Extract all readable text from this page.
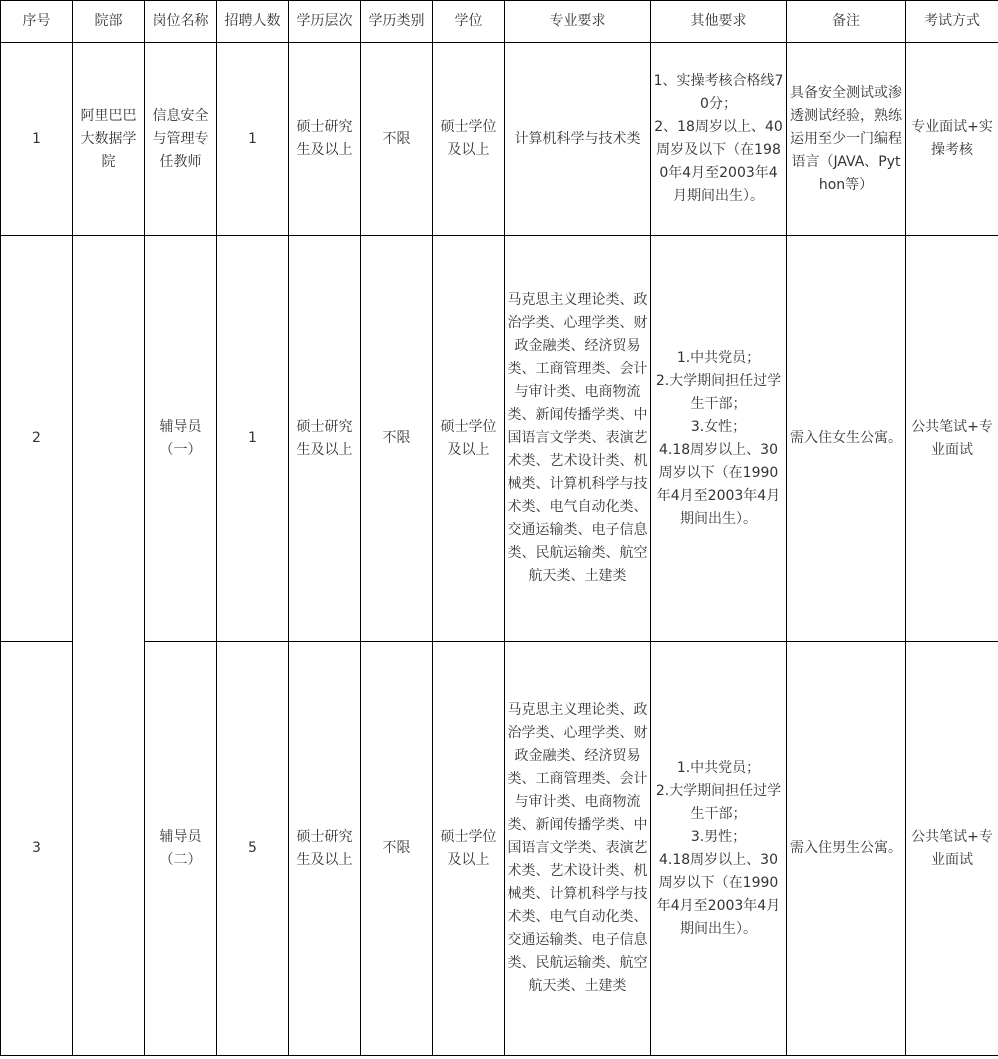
序号	院部	岗位名称	招聘人数	学历层次	学历类别	学位	专业要求	其他要求	备注	考试方式
1	阿里巴巴大数据学院	信息安全与管理专任教师	1	硕士研究生及以上	不限	硕士学位及以上	计算机科学与技术类	1、实操考核合格线70分；
2、18周岁以上、40周岁及以下（在1980年4月至2003年4月期间出生）。	具备安全测试或渗透测试经验，熟练运用至少一门编程语言（JAVA、Python等）	专业面试+实操考核
2		辅导员（一）	1	硕士研究生及以上	不限	硕士学位及以上	马克思主义理论类、政治学类、心理学类、财政金融类、经济贸易类、工商管理类、会计与审计类、电商物流类、新闻传播学类、中国语言文学类、表演艺术类、艺术设计类、机械类、计算机科学与技术类、电气自动化类、交通运输类、电子信息类、民航运输类、航空航天类、土建类	1.中共党员；
2.大学期间担任过学生干部；
3.女性；
4.18周岁以上、30周岁以下（在1990年4月至2003年4月期间出生）。	需入住女生公寓。	公共笔试+专业面试
3		辅导员（二）	5	硕士研究生及以上	不限	硕士学位及以上	马克思主义理论类、政治学类、心理学类、财政金融类、经济贸易类、工商管理类、会计与审计类、电商物流类、新闻传播学类、中国语言文学类、表演艺术类、艺术设计类、机械类、计算机科学与技术类、电气自动化类、交通运输类、电子信息类、民航运输类、航空航天类、土建类	1.中共党员；
2.大学期间担任过学生干部；
3.男性；
4.18周岁以上、30周岁以下（在1990年4月至2003年4月期间出生）。	需入住男生公寓。	公共笔试+专业面试
